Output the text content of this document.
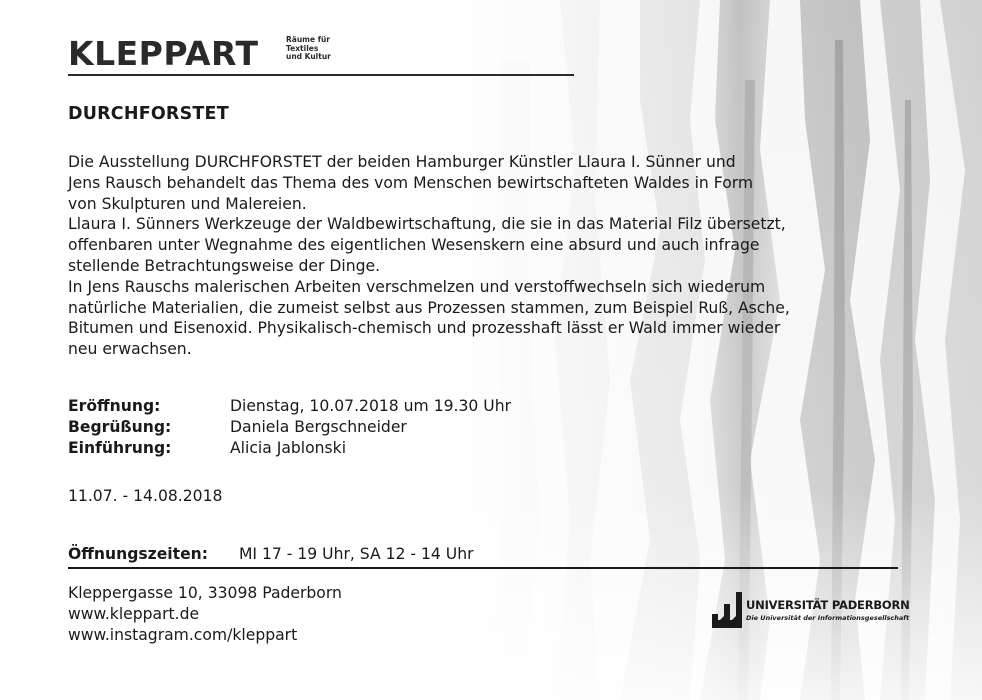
KLEPPART	Räume für
Textiles
und Kultur
DURCHFORSTET

Die Ausstellung DURCHFORSTET der beiden Hamburger Künstler Llaura I. Sünner und

Jens Rausch behandelt das Thema des vom Menschen bewirtschafteten Waldes in Form

von Skulpturen und Malereien.

Llaura I. Sünners Werkzeuge der Waldbewirtschaftung, die sie in das Material Filz übersetzt,

offenbaren unter Wegnahme des eigentlichen Wesenskern eine absurd und auch infrage

stellende Betrachtungsweise der Dinge.

In Jens Rauschs malerischen Arbeiten verschmelzen und verstoffwechseln sich wiederum

natürliche Materialien, die zumeist selbst aus Prozessen stammen, zum Beispiel Ruß, Asche,

Bitumen und Eisenoxid. Physikalisch-chemisch und prozesshaft lässt er Wald immer wieder

neu erwachsen.

Eröffnung:	Dienstag, 10.07.2018 um 19.30 Uhr
Begrüßung:	Daniela Bergschneider
Einführung:	Alicia Jablonski
11.07. - 14.08.2018
Öffnungszeiten: MI 17 - 19 Uhr, SA 12 - 14 Uhr
Kleppergasse 10, 33098 Paderborn
www.kleppart.de
www.instagram.com/kleppart
UNIVERSITÄT PADERBORN
Die Universität der Informationsgesellschaft
